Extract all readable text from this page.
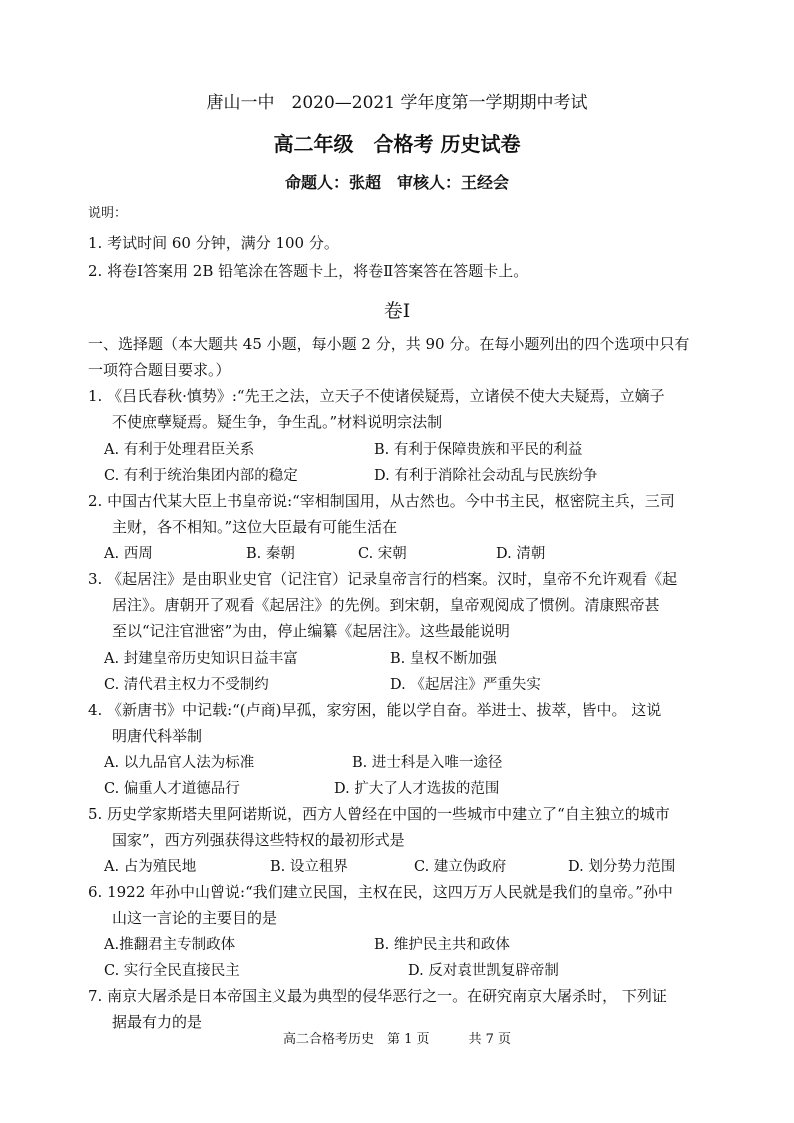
唐山一中　2020—2021 学年度第一学期期中考试
高二年级　合格考 历史试卷
命题人：张超　审核人：王经会
说明：
1. 考试时间 60 分钟，满分 100 分。
2. 将卷Ⅰ答案用 2B 铅笔涂在答题卡上，将卷Ⅱ答案答在答题卡上。
卷Ⅰ
一、选择题（本大题共 45 小题，每小题 2 分，共 90 分。在每小题列出的四个选项中只有
一项符合题目要求。）
1. 《吕氏春秋·慎势》:“先王之法，立天子不使诸侯疑焉，立诸侯不使大夫疑焉，立嫡子
不使庶孽疑焉。疑生争，争生乱。”材料说明宗法制
A. 有利于处理君臣关系	B. 有利于保障贵族和平民的利益
C. 有利于统治集团内部的稳定	D. 有利于消除社会动乱与民族纷争
2. 中国古代某大臣上书皇帝说:“宰相制国用，从古然也。今中书主民，枢密院主兵，三司
主财，各不相知。”这位大臣最有可能生活在
A. 西周	B. 秦朝	C. 宋朝	D. 清朝
3. 《起居注》是由职业史官（记注官）记录皇帝言行的档案。汉时，皇帝不允许观看《起
居注》。唐朝开了观看《起居注》的先例。到宋朝，皇帝观阅成了惯例。清康熙帝甚
至以“记注官泄密”为由，停止编纂《起居注》。这些最能说明
A. 封建皇帝历史知识日益丰富	B. 皇权不断加强
C. 清代君主权力不受制约	D. 《起居注》严重失实
4. 《新唐书》中记载:“(卢商)早孤，家穷困，能以学自奋。举进士、拔萃，皆中。 这说
明唐代科举制
A. 以九品官人法为标准	B. 进士科是入唯一途径
C. 偏重人才道德品行	D. 扩大了人才选拔的范围
5. 历史学家斯塔夫里阿诺斯说，西方人曾经在中国的一些城市中建立了“自主独立的城市
国家”，西方列强获得这些特权的最初形式是
A. 占为殖民地	B. 设立租界	C. 建立伪政府	D. 划分势力范围
6. 1922 年孙中山曾说:“我们建立民国，主权在民，这四万万人民就是我们的皇帝。”孙中
山这一言论的主要目的是
A.推翻君主专制政体	B. 维护民主共和政体
C. 实行全民直接民主	D. 反对袁世凯复辟帝制
7. 南京大屠杀是日本帝国主义最为典型的侵华恶行之一。在研究南京大屠杀时， 下列证
据最有力的是
高二合格考历史　第 1 页　　　共 7 页
